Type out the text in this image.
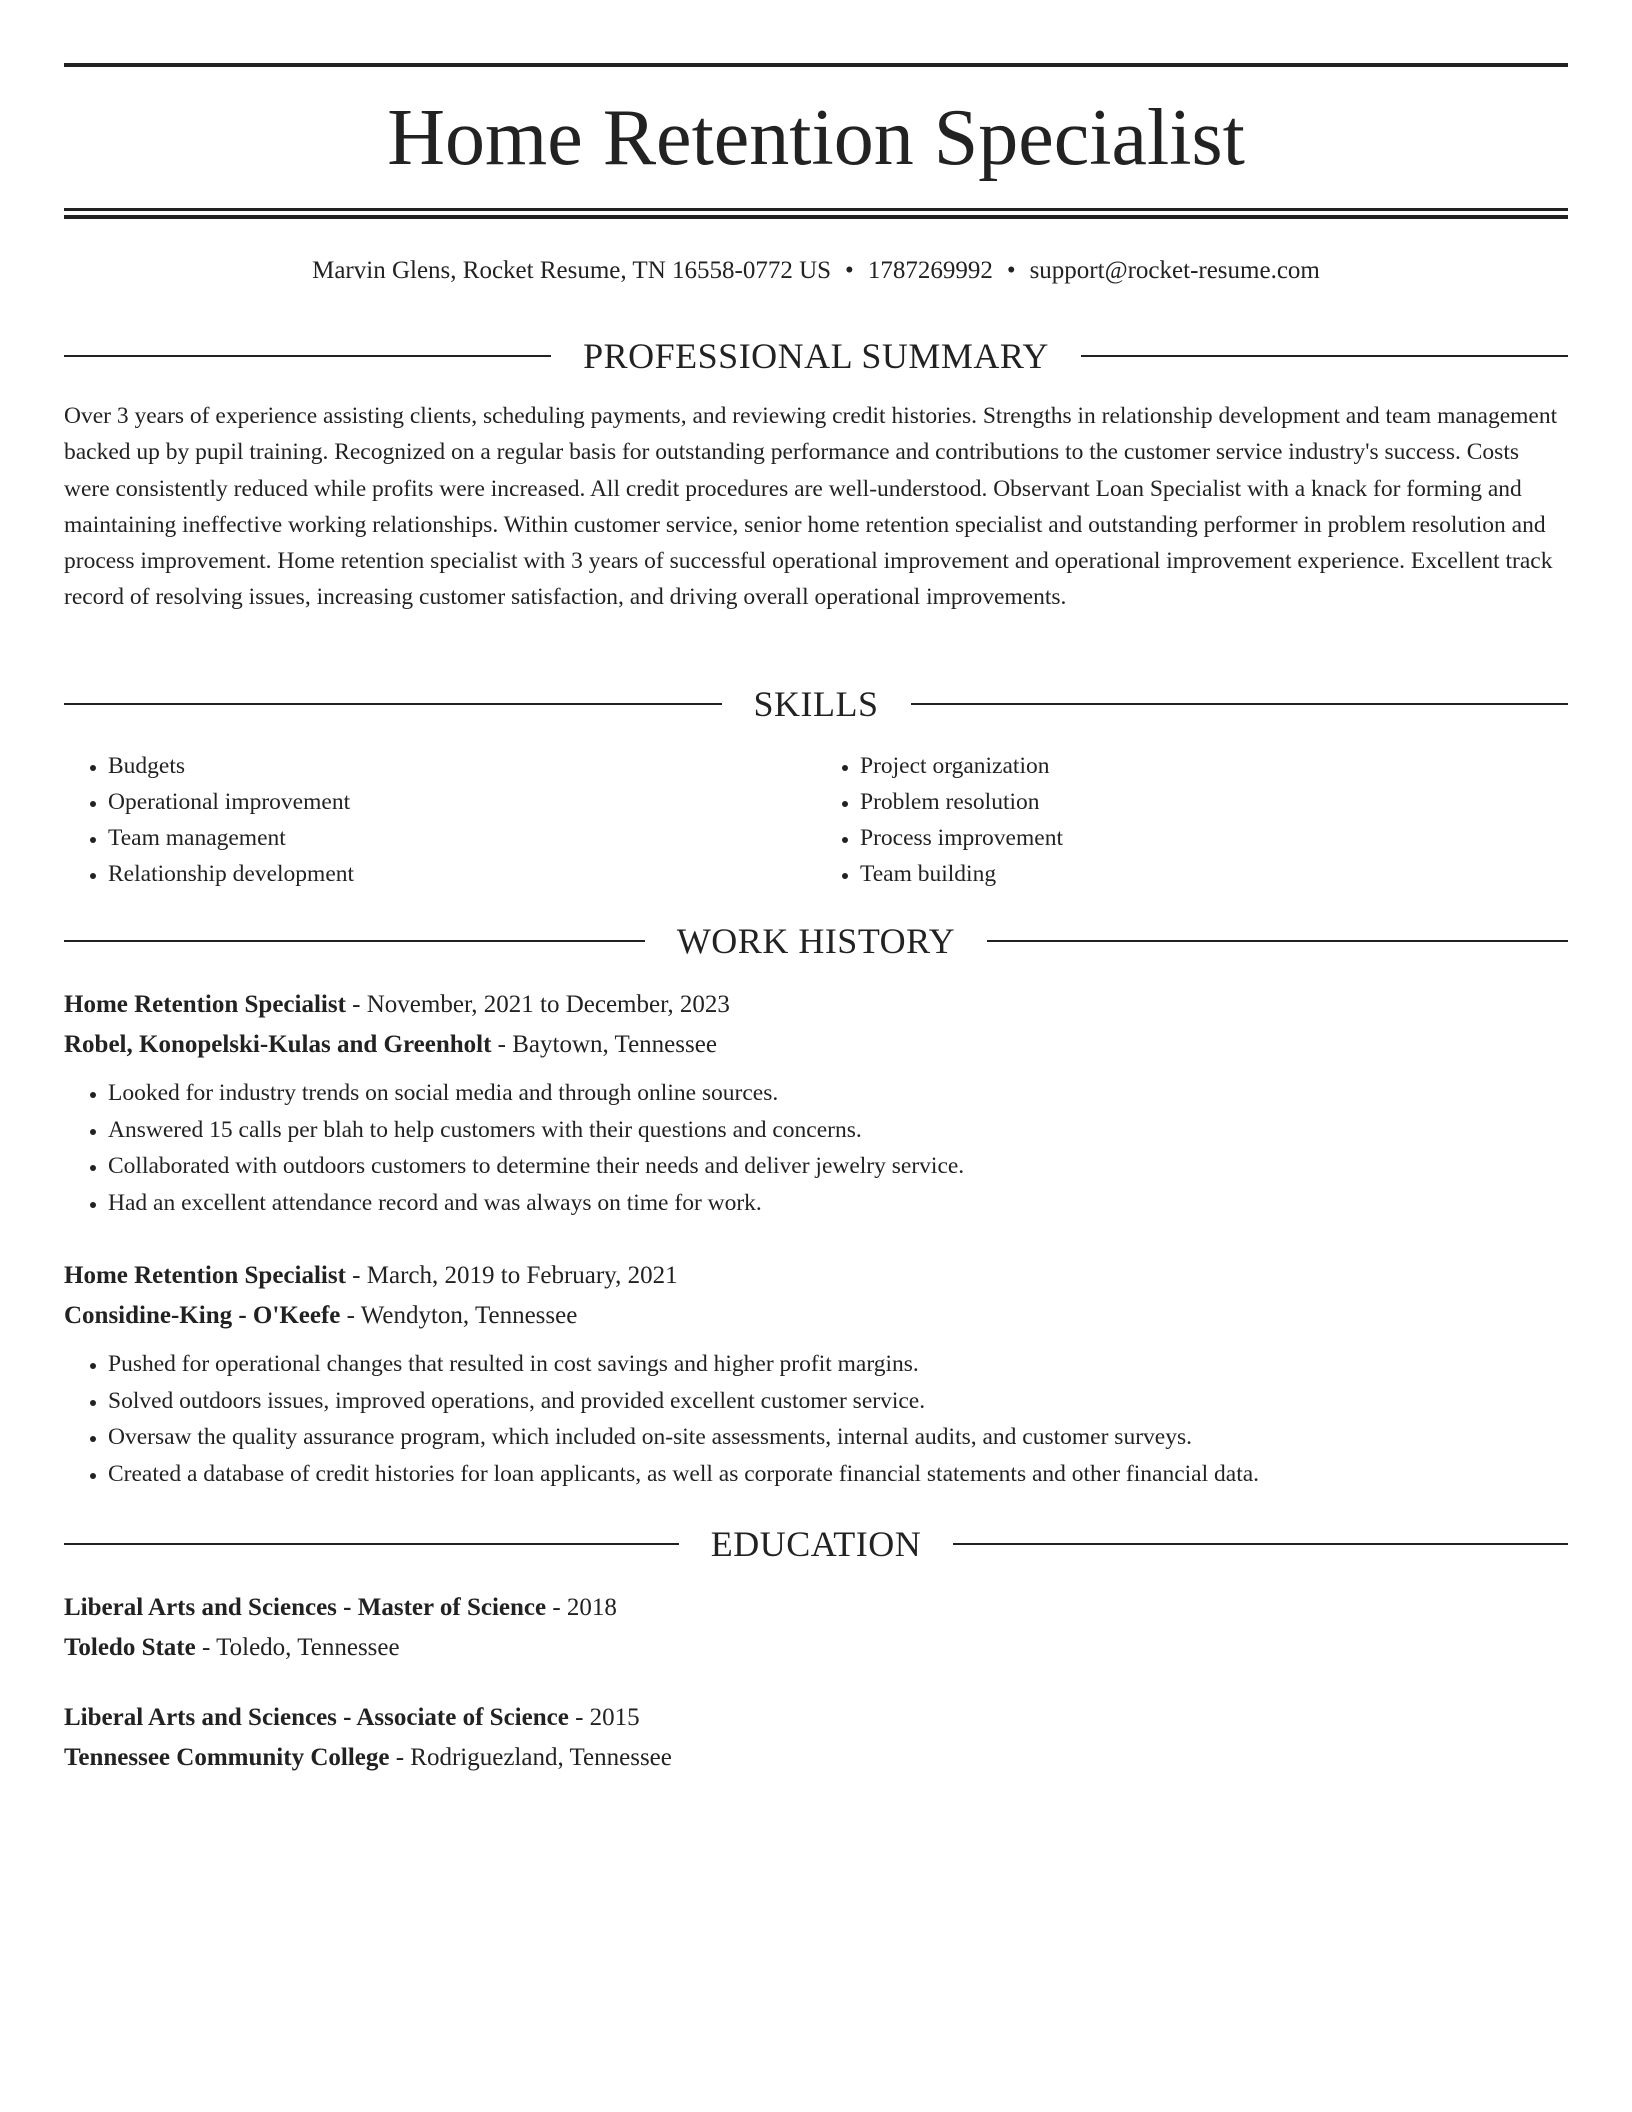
Home Retention Specialist
Marvin Glens, Rocket Resume, TN 16558-0772 US • 1787269992 • support@rocket-resume.com
PROFESSIONAL SUMMARY

Over 3 years of experience assisting clients, scheduling payments, and reviewing credit histories. Strengths in relationship development and team management backed up by pupil training. Recognized on a regular basis for outstanding performance and contributions to the customer service industry's success. Costs were consistently reduced while profits were increased. All credit procedures are well-understood. Observant Loan Specialist with a knack for forming and maintaining ineffective working relationships. Within customer service, senior home retention specialist and outstanding performer in problem resolution and process improvement. Home retention specialist with 3 years of successful operational improvement and operational improvement experience. Excellent track record of resolving issues, increasing customer satisfaction, and driving overall operational improvements.

SKILLS
• Budgets
• Operational improvement
• Team management
• Relationship development
• Project organization
• Problem resolution
• Process improvement
• Team building
WORK HISTORY
Home Retention Specialist - November, 2021 to December, 2023
Robel, Konopelski-Kulas and Greenholt - Baytown, Tennessee
• Looked for industry trends on social media and through online sources.
• Answered 15 calls per blah to help customers with their questions and concerns.
• Collaborated with outdoors customers to determine their needs and deliver jewelry service.
• Had an excellent attendance record and was always on time for work.
Home Retention Specialist - March, 2019 to February, 2021
Considine-King - O'Keefe - Wendyton, Tennessee
• Pushed for operational changes that resulted in cost savings and higher profit margins.
• Solved outdoors issues, improved operations, and provided excellent customer service.
• Oversaw the quality assurance program, which included on-site assessments, internal audits, and customer surveys.
• Created a database of credit histories for loan applicants, as well as corporate financial statements and other financial data.
EDUCATION
Liberal Arts and Sciences - Master of Science - 2018
Toledo State - Toledo, Tennessee
Liberal Arts and Sciences - Associate of Science - 2015
Tennessee Community College - Rodriguezland, Tennessee
